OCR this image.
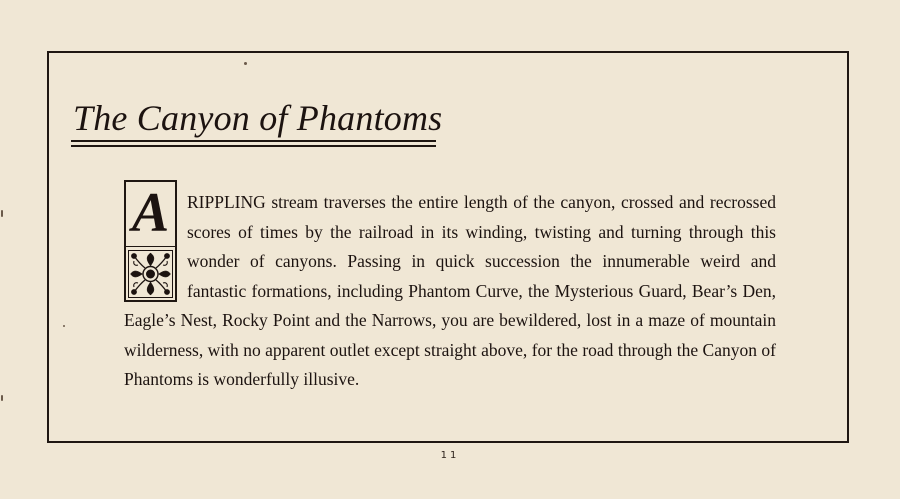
The Canyon of Phantoms
A	RIPPLING stream traverses the entire length of the canyon, crossed and recrossed scores of times by the railroad in its winding, twisting and turning through this wonder of canyons. Passing in quick succession the innumerable weird and fantastic formations, including Phantom Curve, the Mysterious Guard, Bear’s Den, Eagle’s Nest, Rocky Point and the Narrows, you are bewildered, lost in a maze of mountain wilderness, with no apparent outlet except straight above, for the road through the Canyon of Phantoms is wonderfully illusive.

11
